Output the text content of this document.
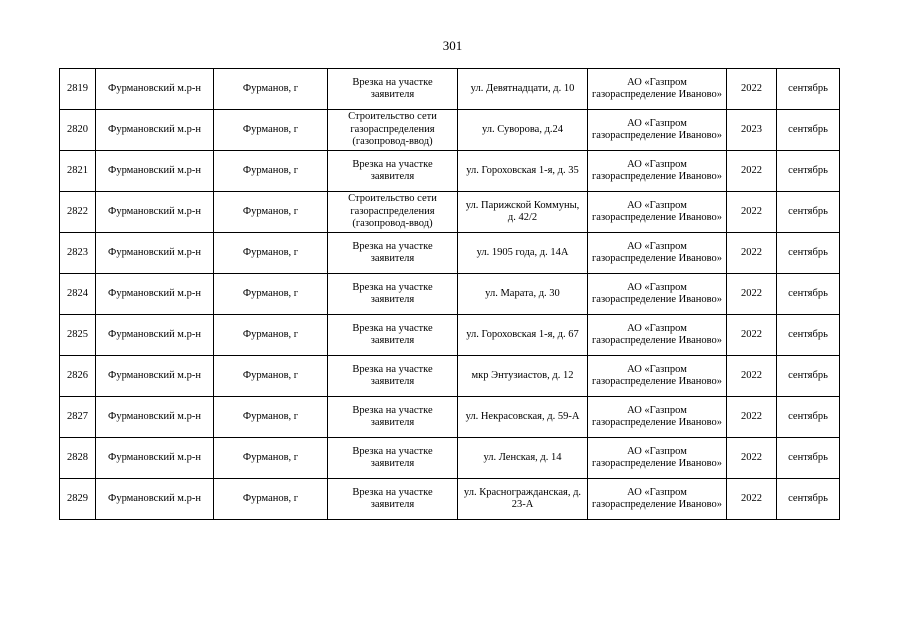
301
2819	Фурмановский м.р-н	Фурманов, г	Врезка на участке заявителя	ул. Девятнадцати, д. 10	АО «Газпром газораспределение Иваново»	2022	сентябрь
2820	Фурмановский м.р-н	Фурманов, г	Строительство сети газораспределения (газопровод-ввод)	ул. Суворова, д.24	АО «Газпром газораспределение Иваново»	2023	сентябрь
2821	Фурмановский м.р-н	Фурманов, г	Врезка на участке заявителя	ул. Гороховская 1-я, д. 35	АО «Газпром газораспределение Иваново»	2022	сентябрь
2822	Фурмановский м.р-н	Фурманов, г	Строительство сети газораспределения (газопровод-ввод)	ул. Парижской Коммуны, д. 42/2	АО «Газпром газораспределение Иваново»	2022	сентябрь
2823	Фурмановский м.р-н	Фурманов, г	Врезка на участке заявителя	ул. 1905 года, д. 14А	АО «Газпром газораспределение Иваново»	2022	сентябрь
2824	Фурмановский м.р-н	Фурманов, г	Врезка на участке заявителя	ул. Марата, д. 30	АО «Газпром газораспределение Иваново»	2022	сентябрь
2825	Фурмановский м.р-н	Фурманов, г	Врезка на участке заявителя	ул. Гороховская 1-я, д. 67	АО «Газпром газораспределение Иваново»	2022	сентябрь
2826	Фурмановский м.р-н	Фурманов, г	Врезка на участке заявителя	мкр Энтузиастов, д. 12	АО «Газпром газораспределение Иваново»	2022	сентябрь
2827	Фурмановский м.р-н	Фурманов, г	Врезка на участке заявителя	ул. Некрасовская, д. 59-А	АО «Газпром газораспределение Иваново»	2022	сентябрь
2828	Фурмановский м.р-н	Фурманов, г	Врезка на участке заявителя	ул. Ленская, д. 14	АО «Газпром газораспределение Иваново»	2022	сентябрь
2829	Фурмановский м.р-н	Фурманов, г	Врезка на участке заявителя	ул. Красногражданская, д. 23-А	АО «Газпром газораспределение Иваново»	2022	сентябрь
